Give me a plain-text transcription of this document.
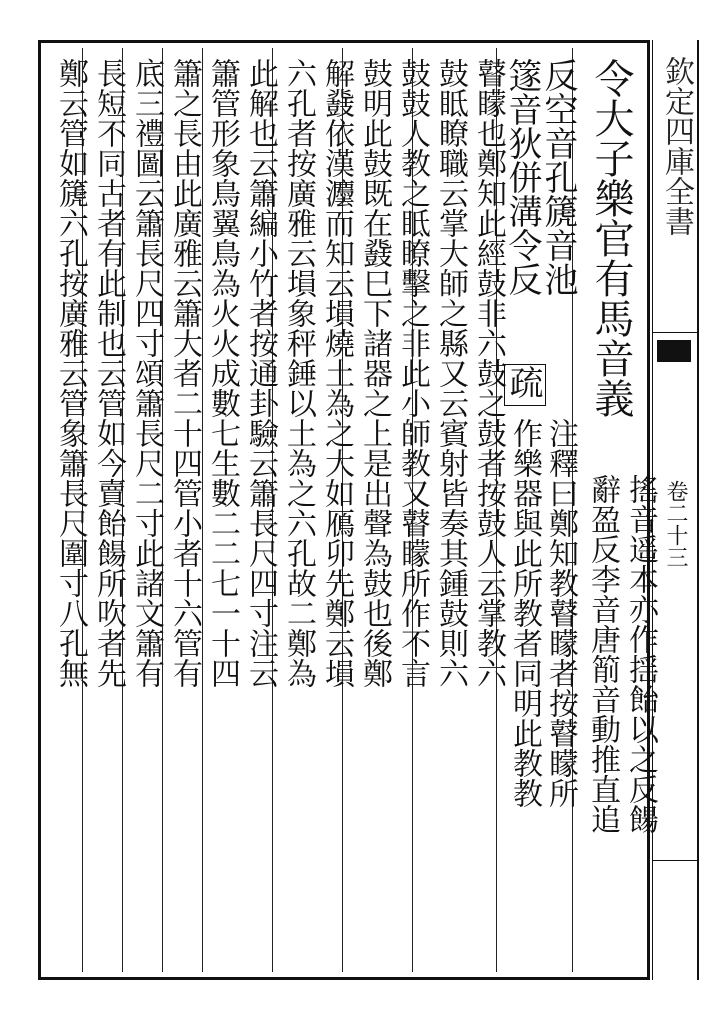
欽定四庫全書
卷二十三
令大子樂官有馬音義
搖音遥本亦作揺飴以之反餳
辭盈反李音唐箾音動推直追
反空音孔篪音池
注釋曰鄭知教瞽矇者按瞽矇所
篴音狄併溝令反
疏
作樂器與此所教者同明此教教
瞽矇也鄭知此經鼓非六鼓之鼓者按鼓人云掌教六
鼓眡瞭職云掌大師之縣又云賓射皆奏其鍾鼓則六
鼓鼓人教之眡瞭擊之非此小師教又瞽矇所作不言
鼓明此鼓既在鼗巳下諸器之上是出聲為鼓也後鄭
解鼗依漢灋而知云塤燒土為之大如鴈卯先鄭云塤
六孔者按廣雅云塤象秤錘以土為之六孔故二鄭為
此解也云簫編小竹者按通卦驗云簫長尺四寸注云
簫管形象鳥翼鳥為火火成數七生數二二七一十四
簫之長由此廣雅云簫大者二十四管小者十六管有
底三禮圖云簫長尺四寸頌簫長尺二寸此諸文簫有
長短不同古者有此制也云管如今賣飴餳所吹者先
鄭云管如篪六孔按廣雅云管象簫長尺圍寸八孔無
